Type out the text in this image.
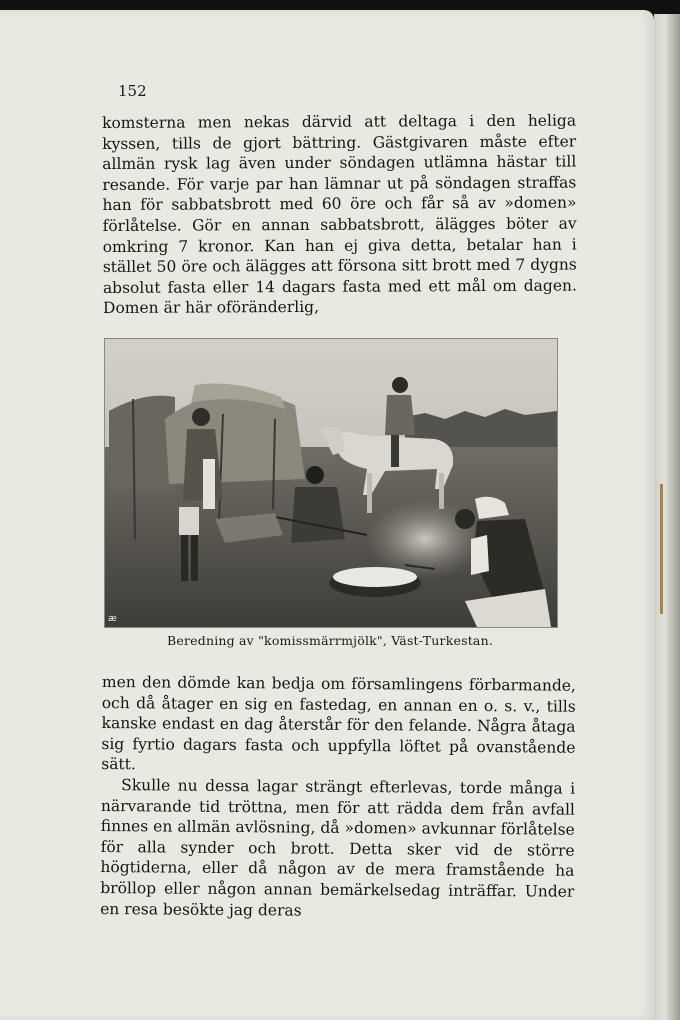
152

komsterna men nekas därvid att deltaga i den heliga kyssen, tills de gjort bättring. Gästgivaren måste efter allmän rysk lag även under söndagen utlämna hästar till resande. För varje par han lämnar ut på söndagen straffas han för sabbatsbrott med 60 öre och får så av »domen» förlåtelse. Gör en annan sabbatsbrott, älägges böter av omkring 7 kronor. Kan han ej giva detta, betalar han i stället 50 öre och älägges att försona sitt brott med 7 dygns absolut fasta eller 14 dagars fasta med ett mål om dagen. Domen är här oföränderlig,

æ
Beredning av "komissmärrmjölk", Väst-Turkestan.

men den dömde kan bedja om församlingens förbarmande, och då åtager en sig en fastedag, en annan en o. s. v., tills kanske endast en dag återstår för den felande. Några åtaga sig fyrtio dagars fasta och uppfylla löftet på ovanstående sätt.

Skulle nu dessa lagar strängt efterlevas, torde många i närvarande tid tröttna, men för att rädda dem från avfall finnes en allmän avlösning, då »domen» avkunnar förlåtelse för alla synder och brott. Detta sker vid de större högtiderna, eller då någon av de mera framstående ha bröllop eller någon annan bemärkelsedag inträffar. Under en resa besökte jag deras
